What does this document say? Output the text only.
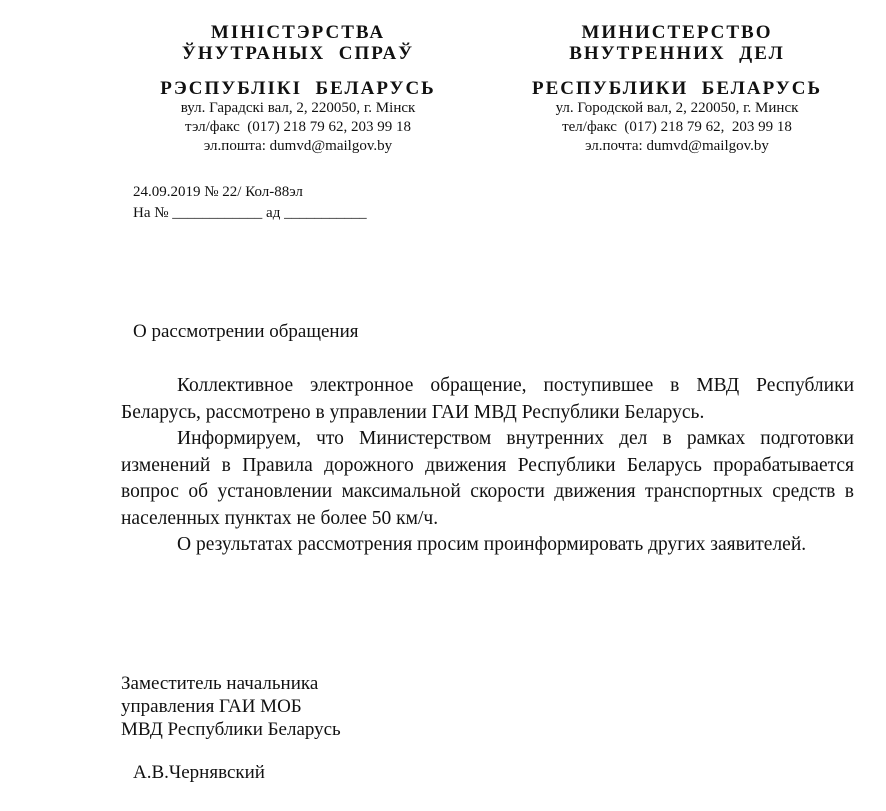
МІНІСТЭРСТВА
ЎНУТРАНЫХ  СПРАЎ
РЭСПУБЛІКІ  БЕЛАРУСЬ
вул. Гарадскі вал, 2, 220050, г. Мінск
тэл/факс  (017) 218 79 62, 203 99 18
эл.пошта: dumvd@mailgov.by
МИНИСТЕРСТВО
ВНУТРЕННИХ  ДЕЛ
РЕСПУБЛИКИ  БЕЛАРУСЬ
ул. Городской вал, 2, 220050, г. Минск
тел/факс  (017) 218 79 62,  203 99 18
эл.почта: dumvd@mailgov.by
24.09.2019 № 22/ Кол-88эл
На № ____________ ад ___________
О рассмотрении обращения

Коллективное электронное обращение, поступившее в МВД Республики Беларусь, рассмотрено в управлении ГАИ МВД Республики Беларусь.

Информируем, что Министерством внутренних дел в рамках подготовки изменений в Правила дорожного движения Республики Беларусь прорабатывается вопрос об установлении максимальной скорости движения транспортных средств в населенных пунктах не более 50 км/ч.

О результатах рассмотрения просим проинформировать других заявителей.

Заместитель начальника
управления ГАИ МОБ
МВД Республики Беларусь
А.В.Чернявский
